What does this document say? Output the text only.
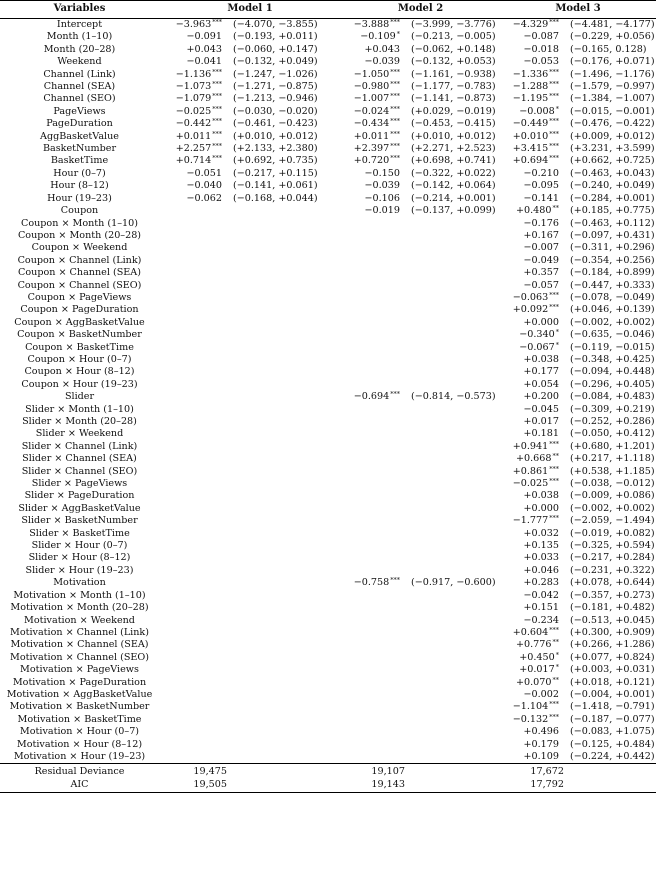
Variables	Model 1		Model 2		Model 3	
Intercept	−3.963***	(−4.070, −3.855)	−3.888***	(−3.999, −3.776)	−4.329***	(−4.481, −4.177)
Month (1–10)	−0.091	(−0.193, +0.011)	−0.109*	(−0.213, −0.005)	−0.087	(−0.229, +0.056)
Month (20–28)	+0.043	(−0.060, +0.147)	+0.043	(−0.062, +0.148)	−0.018	(−0.165, 0.128)
Weekend	−0.041	(−0.132, +0.049)	−0.039	(−0.132, +0.053)	−0.053	(−0.176, +0.071)
Channel (Link)	−1.136***	(−1.247, −1.026)	−1.050***	(−1.161, −0.938)	−1.336***	(−1.496, −1.176)
Channel (SEA)	−1.073***	(−1.271, −0.875)	−0.980***	(−1.177, −0.783)	−1.288***	(−1.579, −0.997)
Channel (SEO)	−1.079***	(−1.213, −0.946)	−1.007***	(−1.141, −0.873)	−1.195***	(−1.384, −1.007)
PageViews	−0.025***	(−0.030, −0.020)	−0.024***	(+0.029, −0.019)	−0.008*	(−0.015, −0.001)
PageDuration	−0.442***	(−0.461, −0.423)	−0.434***	(−0.453, −0.415)	−0.449***	(−0.476, −0.422)
AggBasketValue	+0.011***	(+0.010, +0.012)	+0.011***	(+0.010, +0.012)	+0.010***	(+0.009, +0.012)
BasketNumber	+2.257***	(+2.133, +2.380)	+2.397***	(+2.271, +2.523)	+3.415***	(+3.231, +3.599)
BasketTime	+0.714***	(+0.692, +0.735)	+0.720***	(+0.698, +0.741)	+0.694***	(+0.662, +0.725)
Hour (0–7)	−0.051	(−0.217, +0.115)	−0.150	(−0.322, +0.022)	−0.210	(−0.463, +0.043)
Hour (8–12)	−0.040	(−0.141, +0.061)	−0.039	(−0.142, +0.064)	−0.095	(−0.240, +0.049)
Hour (19–23)	−0.062	(−0.168, +0.044)	−0.106	(−0.214, +0.001)	−0.141	(−0.284, +0.001)
Coupon			−0.019	(−0.137, +0.099)	+0.480**	(+0.185, +0.775)
Coupon × Month (1–10)					−0.176	(−0.463, +0.112)
Coupon × Month (20–28)					+0.167	(−0.097, +0.431)
Coupon × Weekend					−0.007	(−0.311, +0.296)
Coupon × Channel (Link)					−0.049	(−0.354, +0.256)
Coupon × Channel (SEA)					+0.357	(−0.184, +0.899)
Coupon × Channel (SEO)					−0.057	(−0.447, +0.333)
Coupon × PageViews					−0.063***	(−0.078, −0.049)
Coupon × PageDuration					+0.092***	(+0.046, +0.139)
Coupon × AggBasketValue					+0.000	(−0.002, +0.002)
Coupon × BasketNumber					−0.340*	(−0.635, −0.046)
Coupon × BasketTime					−0.067*	(−0.119, −0.015)
Coupon × Hour (0–7)					+0.038	(−0.348, +0.425)
Coupon × Hour (8–12)					+0.177	(−0.094, +0.448)
Coupon × Hour (19–23)					+0.054	(−0.296, +0.405)
Slider			−0.694***	(−0.814, −0.573)	+0.200	(−0.084, +0.483)
Slider × Month (1–10)					−0.045	(−0.309, +0.219)
Slider × Month (20–28)					+0.017	(−0.252, +0.286)
Slider × Weekend					+0.181	(−0.050, +0.412)
Slider × Channel (Link)					+0.941***	(+0.680, +1.201)
Slider × Channel (SEA)					+0.668**	(+0.217, +1.118)
Slider × Channel (SEO)					+0.861***	(+0.538, +1.185)
Slider × PageViews					−0.025***	(−0.038, −0.012)
Slider × PageDuration					+0.038	(−0.009, +0.086)
Slider × AggBasketValue					+0.000	(−0.002, +0.002)
Slider × BasketNumber					−1.777***	(−2.059, −1.494)
Slider × BasketTime					+0.032	(−0.019, +0.082)
Slider × Hour (0–7)					+0.135	(−0.325, +0.594)
Slider × Hour (8–12)					+0.033	(−0.217, +0.284)
Slider × Hour (19–23)					+0.046	(−0.231, +0.322)
Motivation			−0.758***	(−0.917, −0.600)	+0.283	(+0.078, +0.644)
Motivation × Month (1–10)					−0.042	(−0.357, +0.273)
Motivation × Month (20–28)					+0.151	(−0.181, +0.482)
Motivation × Weekend					−0.234	(−0.513, +0.045)
Motivation × Channel (Link)					+0.604***	(+0.300, +0.909)
Motivation × Channel (SEA)					+0.776**	(+0.266, +1.286)
Motivation × Channel (SEO)					+0.450*	(+0.077, +0.824)
Motivation × PageViews					+0.017*	(+0.003, +0.031)
Motivation × PageDuration					+0.070**	(+0.018, +0.121)
Motivation × AggBasketValue					−0.002	(−0.004, +0.001)
Motivation × BasketNumber					−1.104***	(−1.418, −0.791)
Motivation × BasketTime					−0.132***	(−0.187, −0.077)
Motivation × Hour (0–7)					+0.496	(−0.083, +1.075)
Motivation × Hour (8–12)					+0.179	(−0.125, +0.484)
Motivation × Hour (19–23)					+0.109	(−0.224, +0.442)
Residual Deviance	19,475		19,107		17,672	
AIC	19,505		19,143		17,792	
